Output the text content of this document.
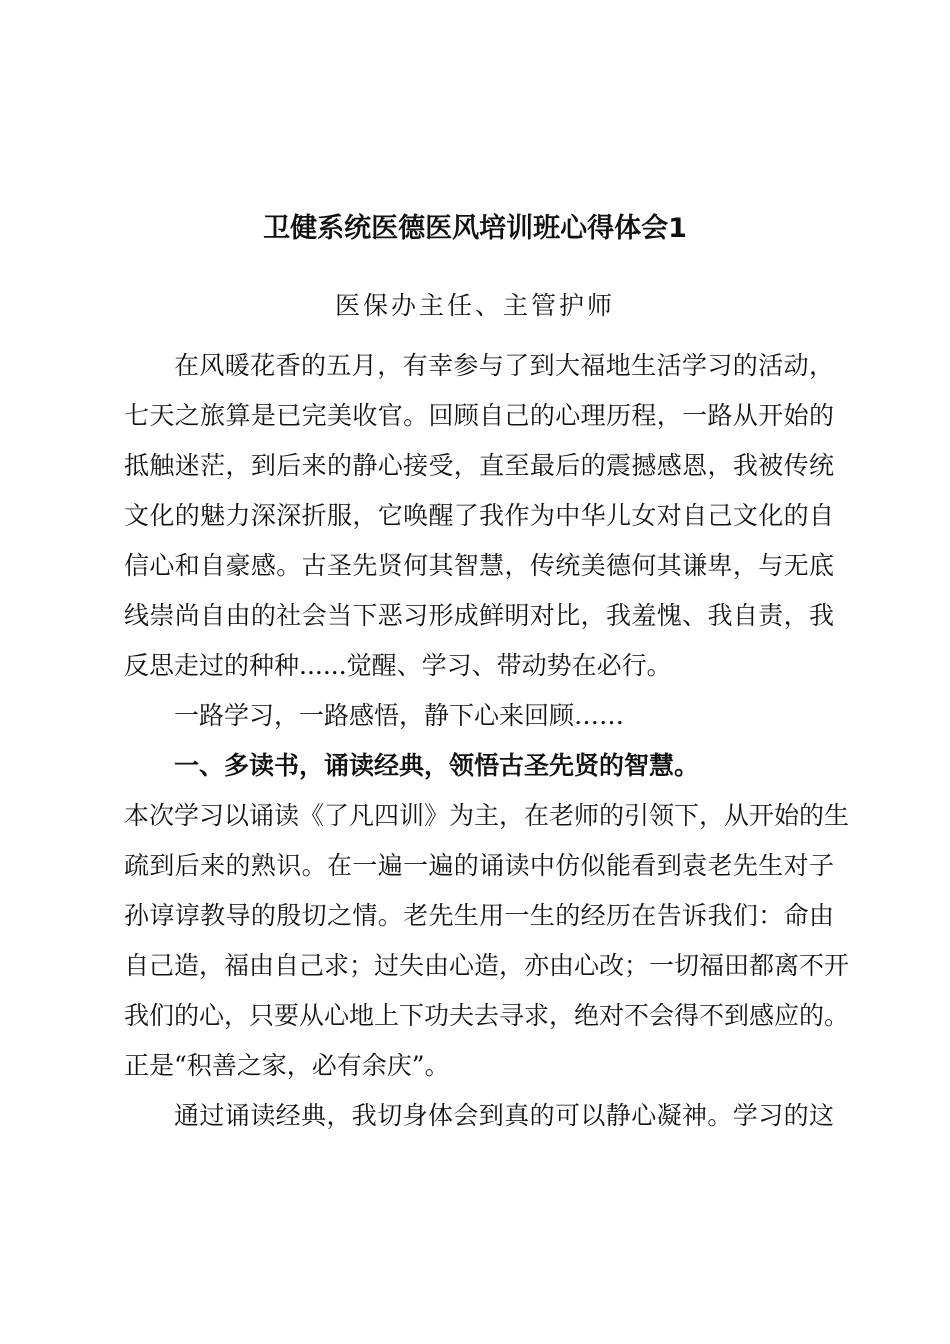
卫健系统医德医风培训班心得体会1
医保办主任、主管护师
在风暖花香的五月，有幸参与了到大福地生活学习的活动，
七天之旅算是已完美收官。回顾自己的心理历程，一路从开始的
抵触迷茫，到后来的静心接受，直至最后的震撼感恩，我被传统
文化的魅力深深折服，它唤醒了我作为中华儿女对自己文化的自
信心和自豪感。古圣先贤何其智慧，传统美德何其谦卑，与无底
线崇尚自由的社会当下恶习形成鲜明对比，我羞愧、我自责，我
反思走过的种种......觉醒、学习、带动势在必行。
一路学习，一路感悟，静下心来回顾……
一、多读书，诵读经典，领悟古圣先贤的智慧。
本次学习以诵读《了凡四训》为主，在老师的引领下，从开始的生
疏到后来的熟识。在一遍一遍的诵读中仿似能看到袁老先生对子
孙谆谆教导的殷切之情。老先生用一生的经历在告诉我们：命由
自己造，福由自己求；过失由心造，亦由心改；一切福田都离不开
我们的心，只要从心地上下功夫去寻求，绝对不会得不到感应的。
正是“积善之家，必有余庆”。
通过诵读经典，我切身体会到真的可以静心凝神。学习的这
